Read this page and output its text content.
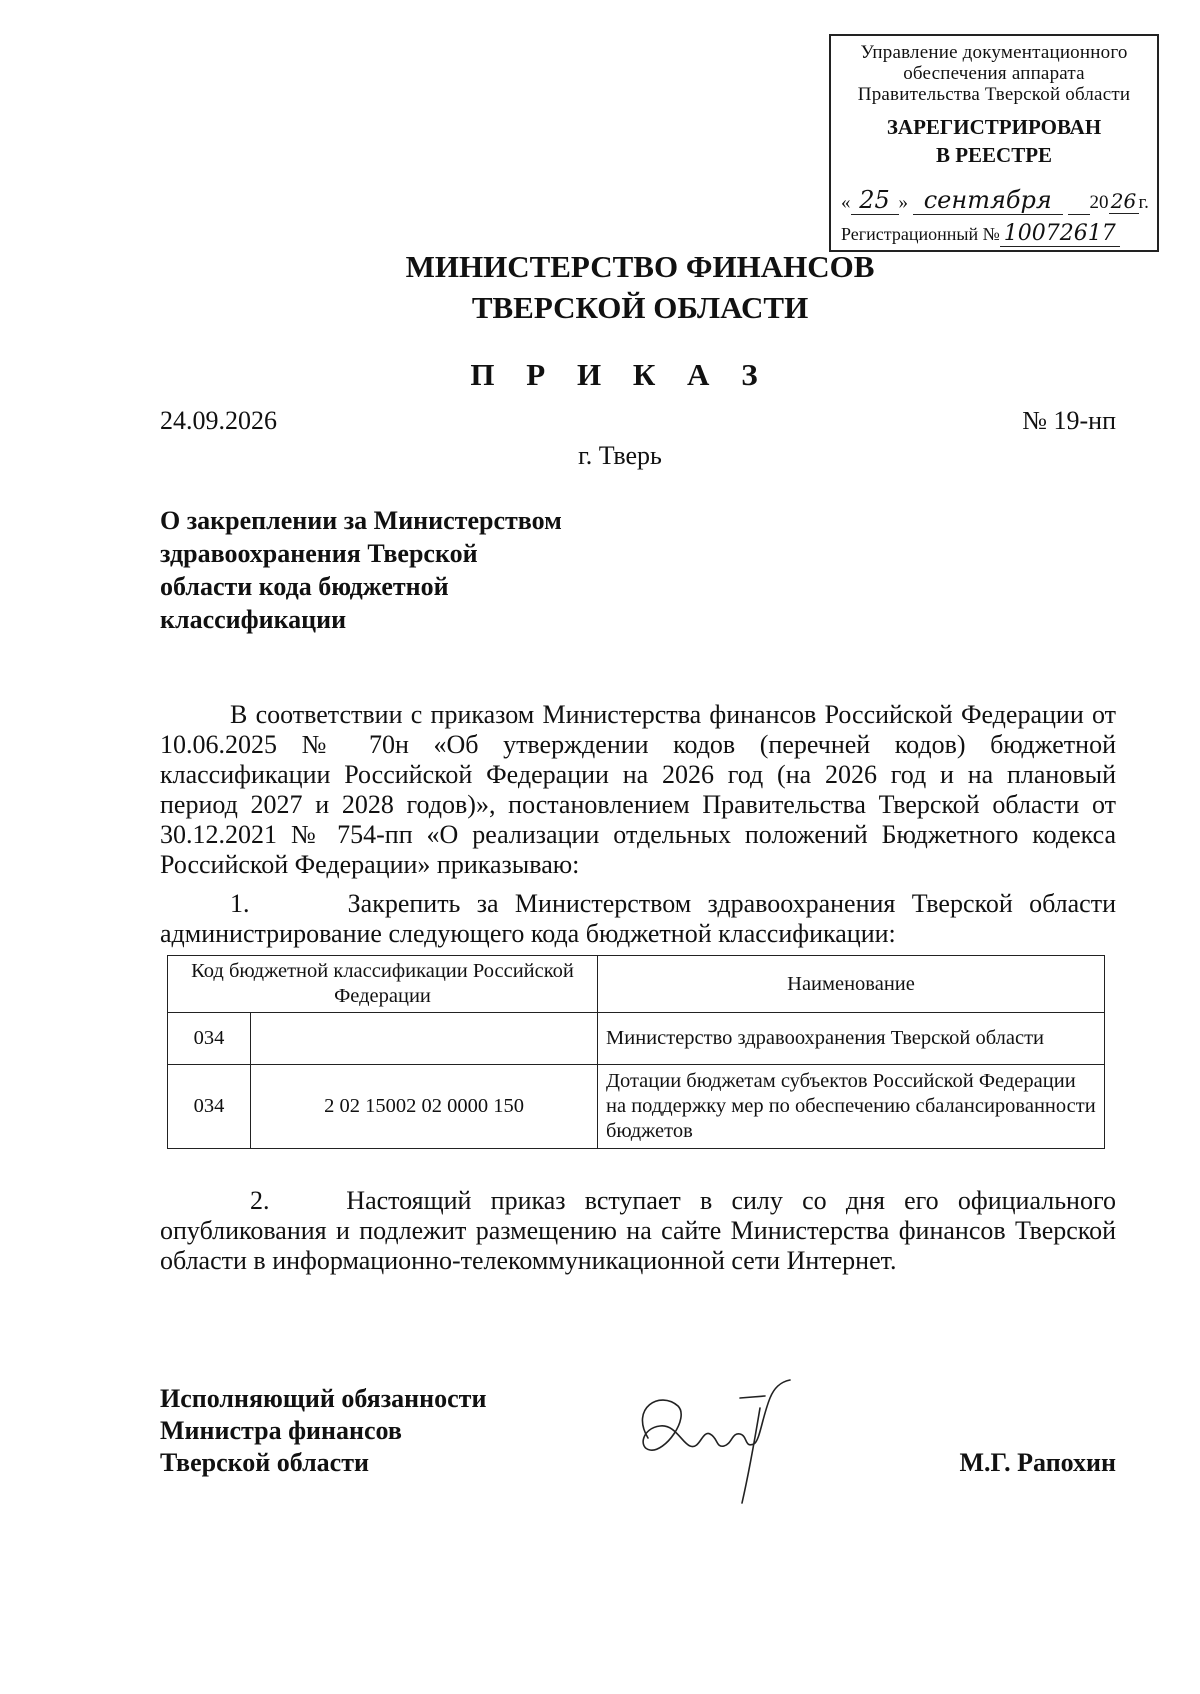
Управление документационного
обеспечения аппарата
Правительства Тверской области
ЗАРЕГИСТРИРОВАН
В РЕЕСТРЕ
« 25 » сентября 20 26 г.
Регистрационный № 10072617
МИНИСТЕРСТВО ФИНАНСОВ
ТВЕРСКОЙ ОБЛАСТИ
П Р И К А З
24.09.2026	№ 19-нп
г. Тверь
О закреплении за Министерством
здравоохранения Тверской
области кода бюджетной
классификации
В соответствии с приказом Министерства финансов Российской Федерации от 10.06.2025 № 70н «Об утверждении кодов (перечней кодов) бюджетной классификации Российской Федерации на 2026 год (на 2026 год и на плановый период 2027 и 2028 годов)», постановлением Правительства Тверской области от 30.12.2021 № 754-пп «О реализации отдельных положений Бюджетного кодекса Российской Федерации» приказываю:
1.      Закрепить за Министерством здравоохранения Тверской области администрирование следующего кода бюджетной классификации:
Код бюджетной классификации Российской Федерации		Наименование
034		Министерство здравоохранения Тверской области
034	2 02 15002 02 0000 150	Дотации бюджетам субъектов Российской Федерации на поддержку мер по обеспечению сбалансированности бюджетов
2.    Настоящий приказ вступает в силу со дня его официального опубликования и подлежит размещению на сайте Министерства финансов Тверской области в информационно-телекоммуникационной сети Интернет.
Исполняющий обязанности
Министра финансов
Тверской области	М.Г. Рапохин
